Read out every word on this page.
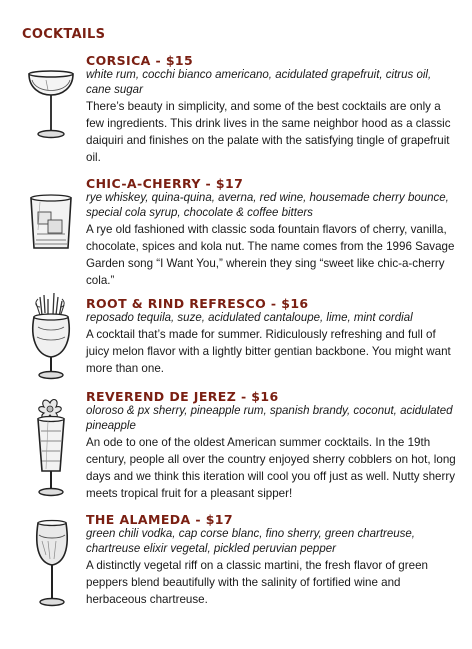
COCKTAILS
CORSICA - $15
white rum, cocchi bianco americano, acidulated grapefruit, citrus oil, cane sugar
There’s beauty in simplicity, and some of the best cocktails are only a few ingredients. This drink lives in the same neighbor hood as a classic daiquiri and finishes on the palate with the satisfying tingle of grapefruit oil.
CHIC-A-CHERRY - $17
rye whiskey, quina-quina, averna, red wine, housemade cherry bounce, special cola syrup, chocolate & coffee bitters
A rye old fashioned with classic soda fountain flavors of cherry, vanilla, chocolate, spices and kola nut. The name comes from the 1996 Savage Garden song “I Want You,” wherein they sing “sweet like chic-a-cherry cola.”
ROOT & RIND REFRESCO - $16
reposado tequila, suze, acidulated cantaloupe, lime, mint cordial
A cocktail that’s made for summer. Ridiculously refreshing and full of juicy melon flavor with a lightly bitter gentian backbone. You might want more than one.
REVEREND DE JEREZ - $16
oloroso & px sherry, pineapple rum, spanish brandy, coconut, acidulated pineapple
An ode to one of the oldest American summer cocktails. In the 19th century, people all over the country enjoyed sherry cobblers on hot, long days and we think this iteration will cool you off just as well. Nutty sherry meets tropical fruit for a pleasant sipper!
THE ALAMEDA - $17
green chili vodka, cap corse blanc, fino sherry, green chartreuse, chartreuse elixir vegetal, pickled peruvian pepper
A distinctly vegetal riff on a classic martini, the fresh flavor of green peppers blend beautifully with the salinity of fortified wine and herbaceous chartreuse.
